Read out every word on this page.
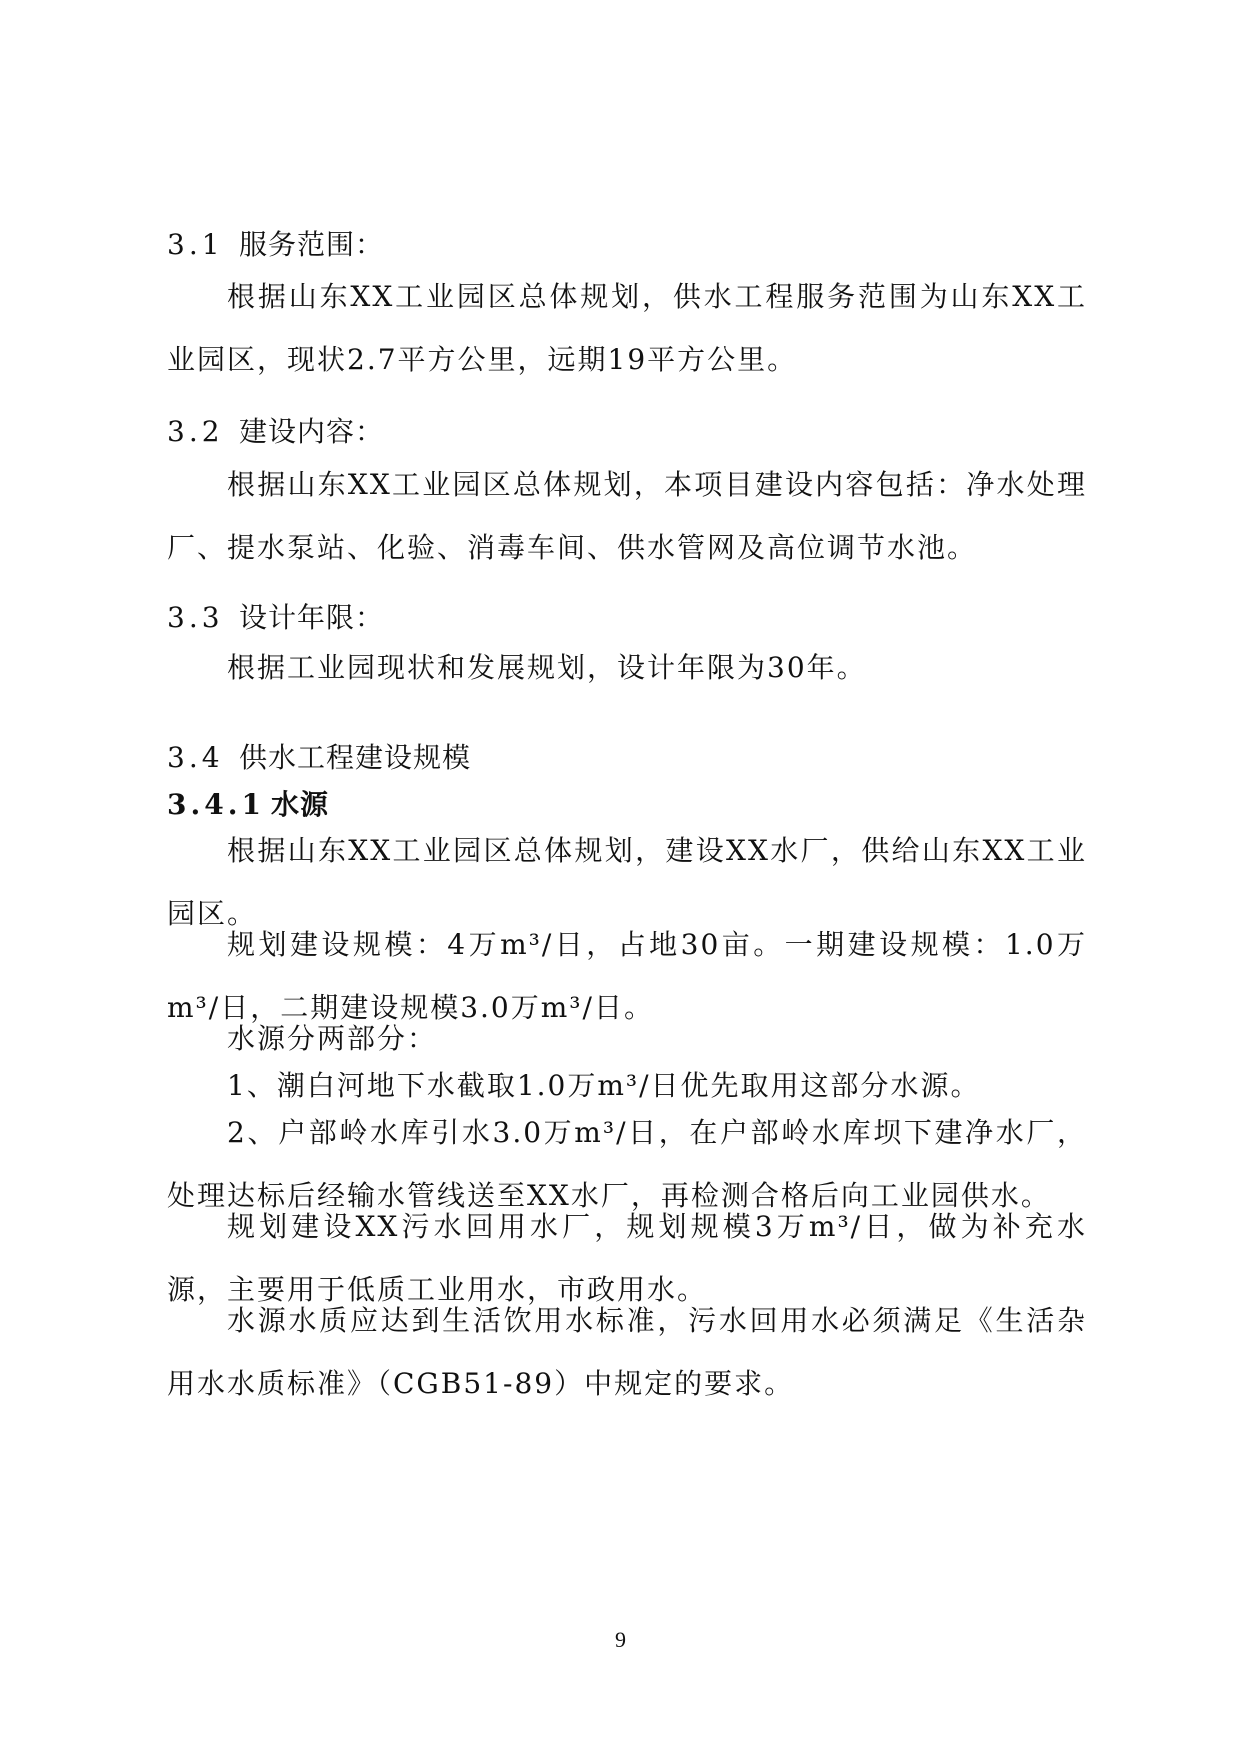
3.1 服务范围：
根据山东XX工业园区总体规划，供水工程服务范围为山东XX工业园区，现状2.7平方公里，远期19平方公里。
3.2 建设内容：
根据山东XX工业园区总体规划，本项目建设内容包括：净水处理厂、提水泵站、化验、消毒车间、供水管网及高位调节水池。
3.3 设计年限：
根据工业园现状和发展规划，设计年限为30年。
3.4 供水工程建设规模
3.4.1 水源
根据山东XX工业园区总体规划，建设XX水厂，供给山东XX工业园区。
规划建设规模：4万m³/日，占地30亩。一期建设规模：1.0万m³/日，二期建设规模3.0万m³/日。
水源分两部分：
1、潮白河地下水截取1.0万m³/日优先取用这部分水源。
2、户部岭水库引水3.0万m³/日，在户部岭水库坝下建净水厂，处理达标后经输水管线送至XX水厂，再检测合格后向工业园供水。
规划建设XX污水回用水厂，规划规模3万m³/日，做为补充水源，主要用于低质工业用水，市政用水。
水源水质应达到生活饮用水标准，污水回用水必须满足《生活杂用水水质标准》（CGB51-89）中规定的要求。
9
